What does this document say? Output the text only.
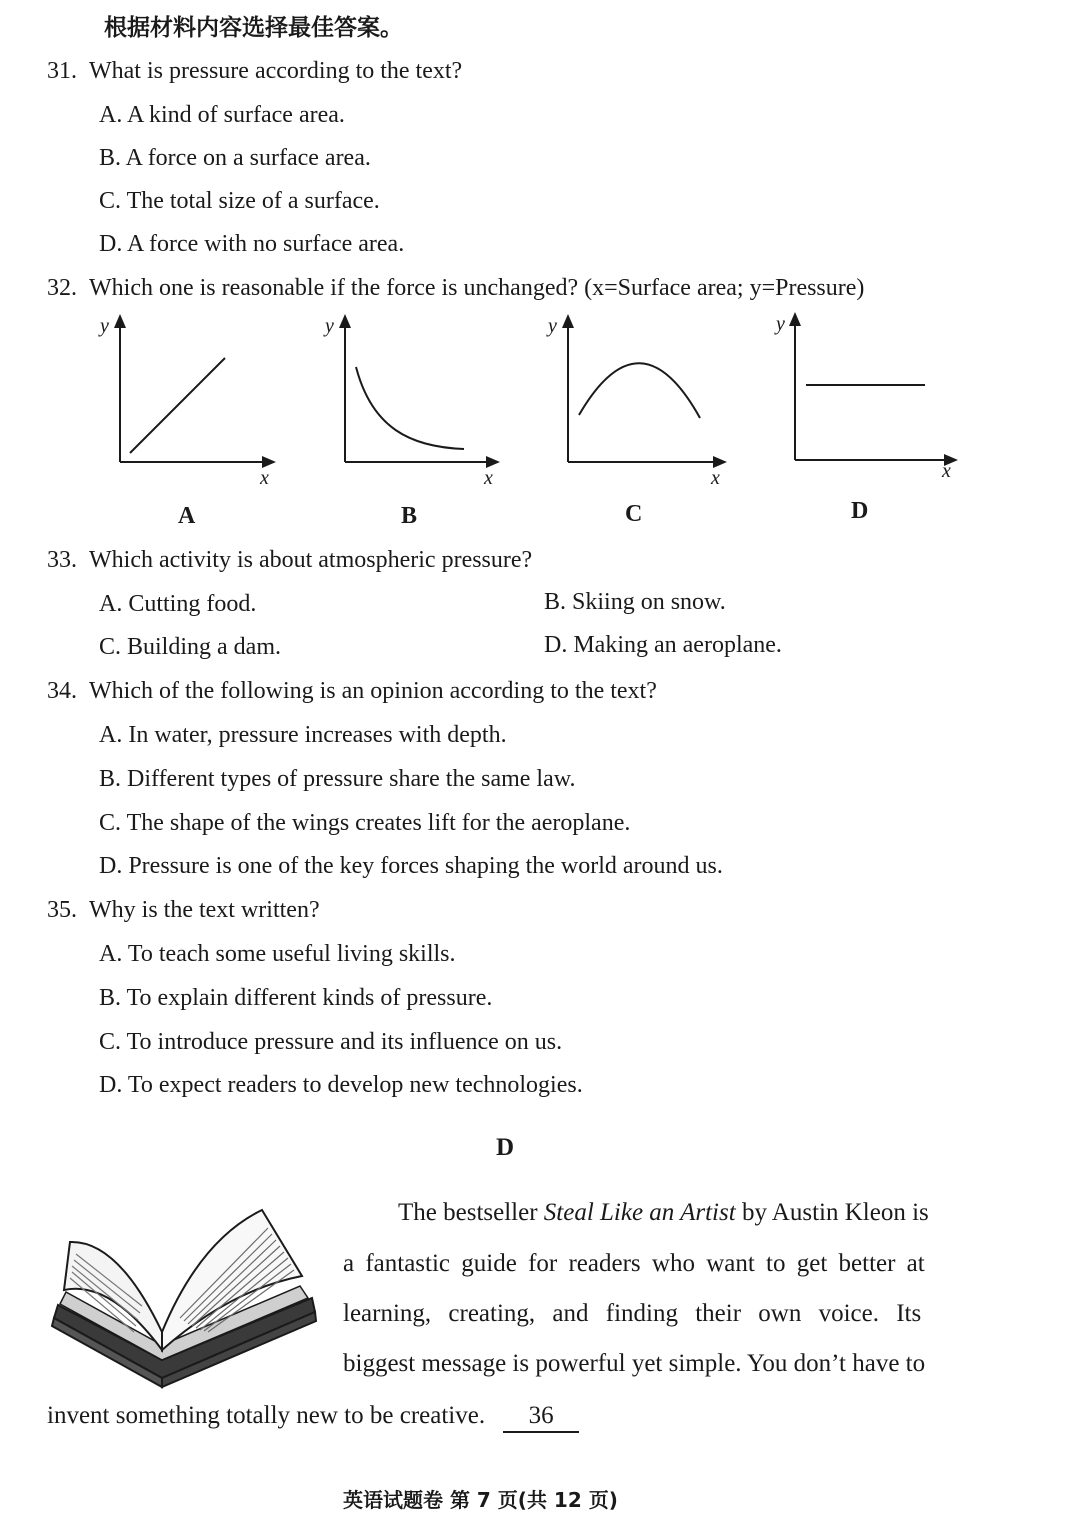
根据材料内容选择最佳答案。
31. What is pressure according to the text?
A. A kind of surface area.
B. A force on a surface area.
C. The total size of a surface.
D. A force with no surface area.
32. Which one is reasonable if the force is unchanged? (x=Surface area; y=Pressure)
y
x
y
x
y
x
y
x
A	B	C	D
33. Which activity is about atmospheric pressure?
A. Cutting food.	B. Skiing on snow.
C. Building a dam.	D. Making an aeroplane.
34. Which of the following is an opinion according to the text?
A. In water, pressure increases with depth.
B. Different types of pressure share the same law.
C. The shape of the wings creates lift for the aeroplane.
D. Pressure is one of the key forces shaping the world around us.
35. Why is the text written?
A. To teach some useful living skills.
B. To explain different kinds of pressure.
C. To introduce pressure and its influence on us.
D. To expect readers to develop new technologies.
D
The bestseller Steal Like an Artist by Austin Kleon is
a fantastic guide for readers who want to get better at
learning, creating, and finding their own voice. Its
biggest message is powerful yet simple. You don’t have to
invent something totally new to be creative. 36
英语试题卷 第 7 页(共 12 页)
